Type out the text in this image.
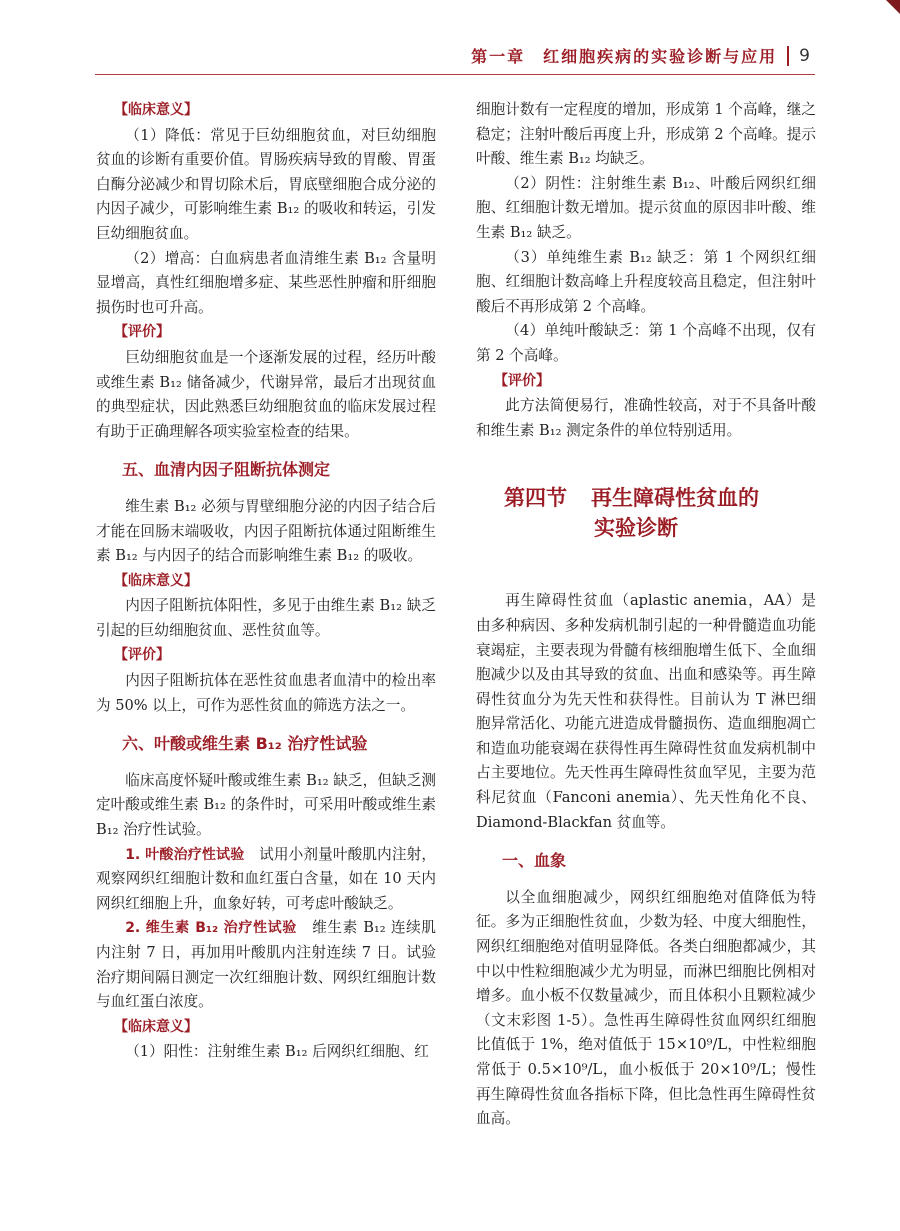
第一章　红细胞疾病的实验诊断与应用 9
【临床意义】

（1）降低：常见于巨幼细胞贫血，对巨幼细胞贫血的诊断有重要价值。胃肠疾病导致的胃酸、胃蛋白酶分泌减少和胃切除术后，胃底壁细胞合成分泌的内因子减少，可影响维生素 B₁₂ 的吸收和转运，引发巨幼细胞贫血。

（2）增高：白血病患者血清维生素 B₁₂ 含量明显增高，真性红细胞增多症、某些恶性肿瘤和肝细胞损伤时也可升高。

【评价】

巨幼细胞贫血是一个逐渐发展的过程，经历叶酸或维生素 B₁₂ 储备减少，代谢异常，最后才出现贫血的典型症状，因此熟悉巨幼细胞贫血的临床发展过程有助于正确理解各项实验室检查的结果。

五、血清内因子阻断抗体测定

维生素 B₁₂ 必须与胃壁细胞分泌的内因子结合后才能在回肠末端吸收，内因子阻断抗体通过阻断维生素 B₁₂ 与内因子的结合而影响维生素 B₁₂ 的吸收。

【临床意义】

内因子阻断抗体阳性，多见于由维生素 B₁₂ 缺乏引起的巨幼细胞贫血、恶性贫血等。

【评价】

内因子阻断抗体在恶性贫血患者血清中的检出率为 50% 以上，可作为恶性贫血的筛选方法之一。

六、叶酸或维生素 B₁₂ 治疗性试验

临床高度怀疑叶酸或维生素 B₁₂ 缺乏，但缺乏测定叶酸或维生素 B₁₂ 的条件时，可采用叶酸或维生素 B₁₂ 治疗性试验。

1. 叶酸治疗性试验　 试用小剂量叶酸肌内注射，观察网织红细胞计数和血红蛋白含量，如在 10 天内网织红细胞上升，血象好转，可考虑叶酸缺乏。

2. 维生素 B₁₂ 治疗性试验　 维生素 B₁₂ 连续肌内注射 7 日，再加用叶酸肌内注射连续 7 日。试验治疗期间隔日测定一次红细胞计数、网织红细胞计数与血红蛋白浓度。

【临床意义】

（1）阳性：注射维生素 B₁₂ 后网织红细胞、红

细胞计数有一定程度的增加，形成第 1 个高峰，继之稳定；注射叶酸后再度上升，形成第 2 个高峰。提示叶酸、维生素 B₁₂ 均缺乏。

（2）阴性：注射维生素 B₁₂、叶酸后网织红细胞、红细胞计数无增加。提示贫血的原因非叶酸、维生素 B₁₂ 缺乏。

（3）单纯维生素 B₁₂ 缺乏：第 1 个网织红细胞、红细胞计数高峰上升程度较高且稳定，但注射叶酸后不再形成第 2 个高峰。

（4）单纯叶酸缺乏：第 1 个高峰不出现，仅有第 2 个高峰。

【评价】

此方法简便易行，准确性较高，对于不具备叶酸和维生素 B₁₂ 测定条件的单位特别适用。

第四节 再生障碍性贫血的
实验诊断

再生障碍性贫血（aplastic anemia，AA）是由多种病因、多种发病机制引起的一种骨髓造血功能衰竭症，主要表现为骨髓有核细胞增生低下、全血细胞减少以及由其导致的贫血、出血和感染等。再生障碍性贫血分为先天性和获得性。目前认为 T 淋巴细胞异常活化、功能亢进造成骨髓损伤、造血细胞凋亡和造血功能衰竭在获得性再生障碍性贫血发病机制中占主要地位。先天性再生障碍性贫血罕见，主要为范科尼贫血（Fanconi anemia）、先天性角化不良、Diamond-Blackfan 贫血等。

一、血象

以全血细胞减少，网织红细胞绝对值降低为特征。多为正细胞性贫血，少数为轻、中度大细胞性，网织红细胞绝对值明显降低。各类白细胞都减少，其中以中性粒细胞减少尤为明显，而淋巴细胞比例相对增多。血小板不仅数量减少，而且体积小且颗粒减少（文末彩图 1-5）。急性再生障碍性贫血网织红细胞比值低于 1%，绝对值低于 15×10⁹/L，中性粒细胞常低于 0.5×10⁹/L，血小板低于 20×10⁹/L；慢性再生障碍性贫血各指标下降，但比急性再生障碍性贫血高。
